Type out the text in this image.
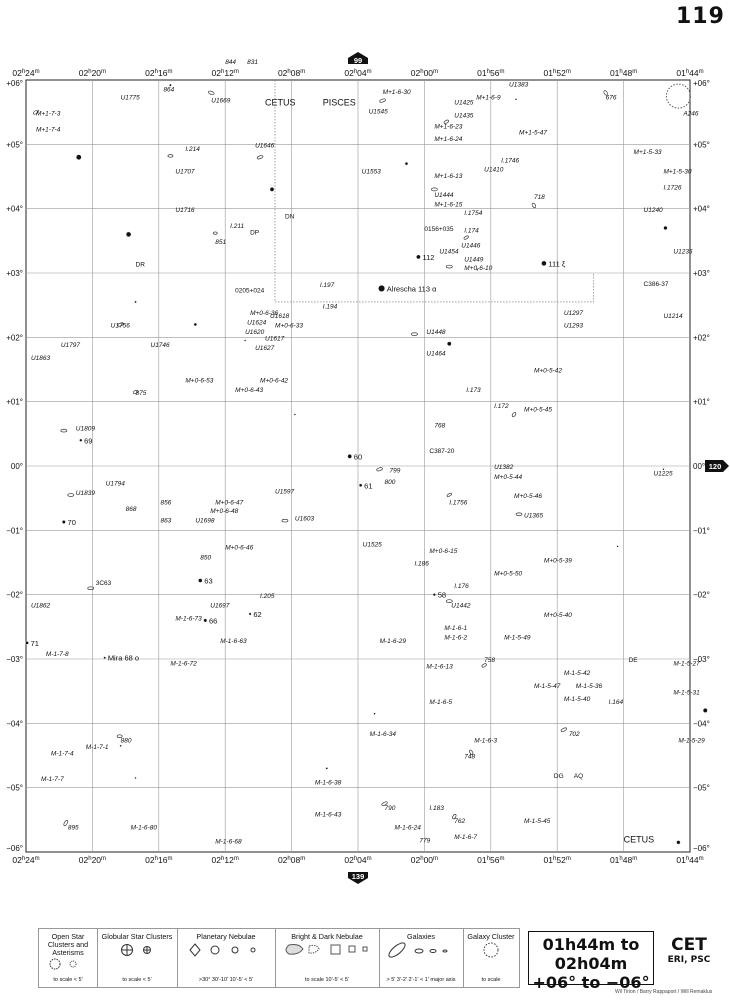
119
Alrescha 113 α
112
111 ξ
69
70
60
61
63
66
62
71
Mira 68 o
58
844 831
U1775
864
U1669	CETUS	PISCES
M+1-6-30
U1545
M+1-6-9
U1425
U1435
M+1-6-23
M+1-6-24
U1383
M+1-5-47
676
A246
M+1-7-3
M+1-7-4
I.214	U1646
U1707	U1553	U1410
I.1746
M+1-6-13
M+1-5-33
M+1-5-30
I.1726
U1444
M+1-6-15
I.1754
718
U1240
U1716
I.211
DP
851
DN
0156+035 I.174
U1446
U1454
U1449
M+0-6-10
U1235
DR
I.197
I.194
0205+024
C386-37
M+0-6-36
U1624 M+0-6-33
U1620
U1618
U1617
U1627
U1756
U1448
U1297
U1293
U1214
U1797
U1863
U1746
M+0-6-53	M+0-6-42
M+0-6-43
875
U1464
I.173
M+0-5-42
I.172 M+0-5-45
U1809	768
C387-20
U1382
M+0-5-44	U1225
799
800
U1839
U1794
856
868
863	U1698
M+0-6-47
M+0-6-48
U1597
U1603
I.1756
M+0-5-46
U1365
M+0-6-46
850
U1525
M+0-6-15
I.186
M+0-5-50
M+0-5-39
3C63	I.176
U1862
I.205
U1697	U1442
M+0-5-40
M-1-6-73
M-1-6-63
M-1-6-1
M-1-6-2
M-1-6-29	M-1-5-49
M-1-7-8
M-1-6-72	M-1-6-13
758
M-1-5-42
M-1-5-47 M-1-5-36
M-1-5-40	I.164
DE	M-1-5-27
M-1-5-31
M-1-6-5
702
M-1-5-29
M-1-6-34
M-1-6-3
748
M-1-7-1
M-1-7-4
880
M-1-7-7	M-1-6-38
DG AQ
790	I.183
M-1-6-43
762
M-1-6-24
M-1-6-7
779
M-1-5-45
CETUS
895	M-1-6-80
M-1-6-68
02$^h$24$^m$
02$^h$24$^m$
02$^h$20$^m$
02$^h$20$^m$
02$^h$16$^m$
02$^h$16$^m$
02$^h$12$^m$
02$^h$12$^m$
02$^h$08$^m$
02$^h$08$^m$
02$^h$04$^m$
02$^h$04$^m$
02$^h$00$^m$
02$^h$00$^m$
01$^h$56$^m$
01$^h$56$^m$
01$^h$52$^m$
01$^h$52$^m$
01$^h$48$^m$
01$^h$48$^m$
01$^h$44$^m$
$01^h44^m$
+06°	+06°
+05°	+05°
+04°	+04°
+03°	+03°
+02°	+02°
+01°	+01°
00°	00°
−01°	−01°
−02°	−02°
−03°	−03°
−04°	−04°
−05°	−05°
−06°	−06°
99
139
120
Open Star Clusters and Asterisms
to scale < 5'
Globular Star Clusters
to scale < 5'
Planetary Nebulae
>30° 30'-10' 10'-5' < 5'
Bright & Dark Nebulae
to scale 10'-5' < 5'
Galaxies
> 5' 3'-2' 2'-1' < 1' major axis
Galaxy Cluster
to scale
01h44m to 02h04m
+06° to −06°
CET
ERI, PSC
Wil Tirion / Barry Rappaport / Will Remaklus
